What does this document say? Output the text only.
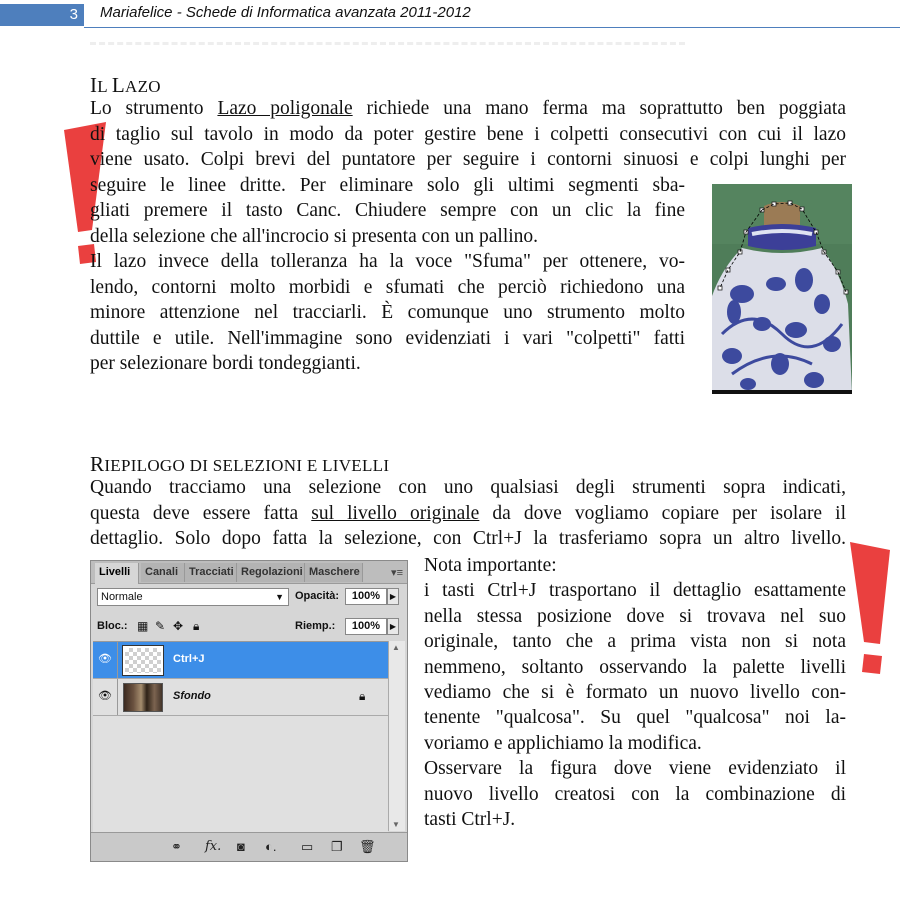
3	Mariafelice - Schede di Informatica avanzata 2011-2012
IL LAZO
Lo strumento Lazo poligonale richiede una mano ferma ma soprattutto ben poggiata
di taglio sul tavolo in modo da poter gestire bene i colpetti consecutivi con cui il lazo
viene usato. Colpi brevi del puntatore per seguire i contorni sinuosi e colpi lunghi per
seguire le linee dritte. Per eliminare solo gli ultimi segmenti sba-
gliati premere il tasto Canc. Chiudere sempre con un clic la fine
della selezione che all'incrocio si presenta con un pallino.
Il lazo invece della tolleranza ha la voce "Sfuma" per ottenere, vo-
lendo, contorni molto morbidi e sfumati che perciò richiedono una
minore attenzione nel tracciarli. È comunque uno strumento molto
duttile e utile. Nell'immagine sono evidenziati i vari "colpetti" fatti
per selezionare bordi tondeggianti.
RIEPILOGO DI SELEZIONI E LIVELLI
Quando tracciamo una selezione con uno qualsiasi degli strumenti sopra indicati,
questa deve essere fatta sul livello originale da dove vogliamo copiare per isolare il
dettaglio. Solo dopo fatta la selezione, con Ctrl+J la trasferiamo sopra un altro livello.
Livelli	Canali Tracciati Regolazioni Maschere	▾≡
Normale	▼ Opacità:	100%	▶
Bloc.: ▦ ✎ ✥ 🔒︎	Riemp.:	100%	▶
👁︎	Ctrl+J
👁︎	Sfondo	🔒︎
▲
▼
⚭ fx. ◙ ◐. ▭ ❐ 🗑︎
Nota importante:
i tasti Ctrl+J trasportano il dettaglio esattamente
nella stessa posizione dove si trovava nel suo
originale, tanto che a prima vista non si nota
nemmeno, soltanto osservando la palette livelli
vediamo che si è formato un nuovo livello con-
tenente "qualcosa". Su quel "qualcosa" noi la-
voriamo e applichiamo la modifica.
Osservare la figura dove viene evidenziato il
nuovo livello creatosi con la combinazione di
tasti Ctrl+J.
